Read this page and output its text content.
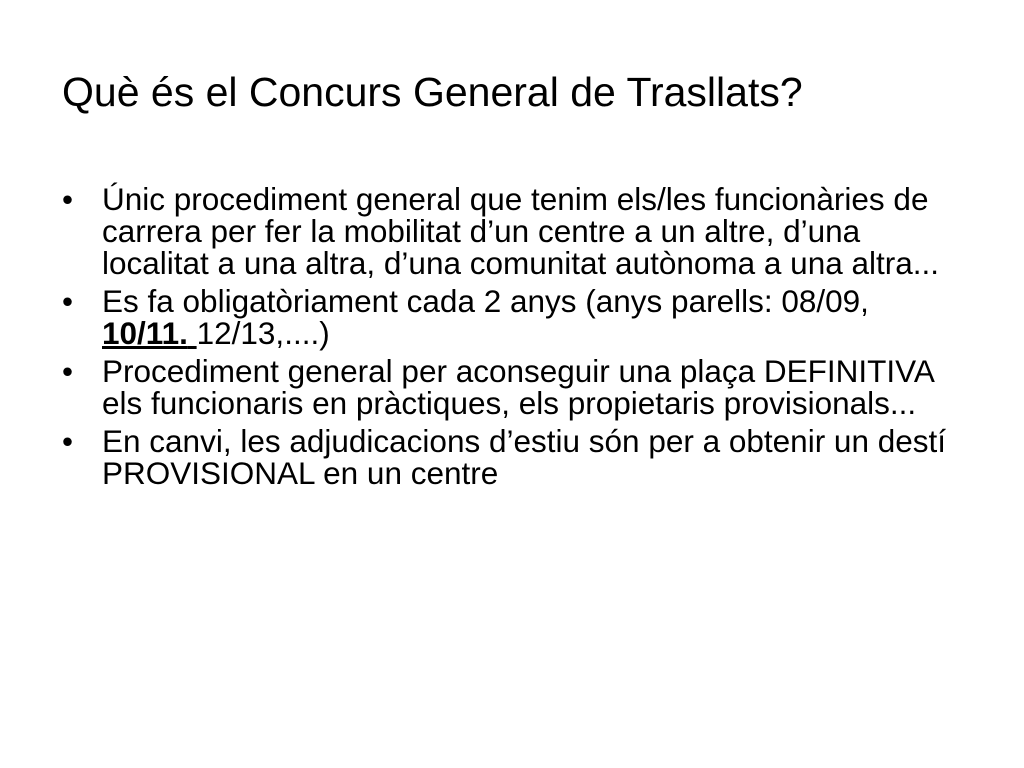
Què és el Concurs General de Trasllats?
• Únic procediment general que tenim els/les funcionàries de carrera per fer la mobilitat d’un centre a un altre, d’una localitat a una altra, d’una comunitat autònoma a una altra...
• Es fa obligatòriament cada 2 anys (anys parells: 08/09, 10/11. 12/13,....)
• Procediment general per aconseguir una plaça DEFINITIVA els funcionaris en pràctiques, els propietaris provisionals...
• En canvi, les adjudicacions d’estiu són per a obtenir un destí PROVISIONAL en un centre
